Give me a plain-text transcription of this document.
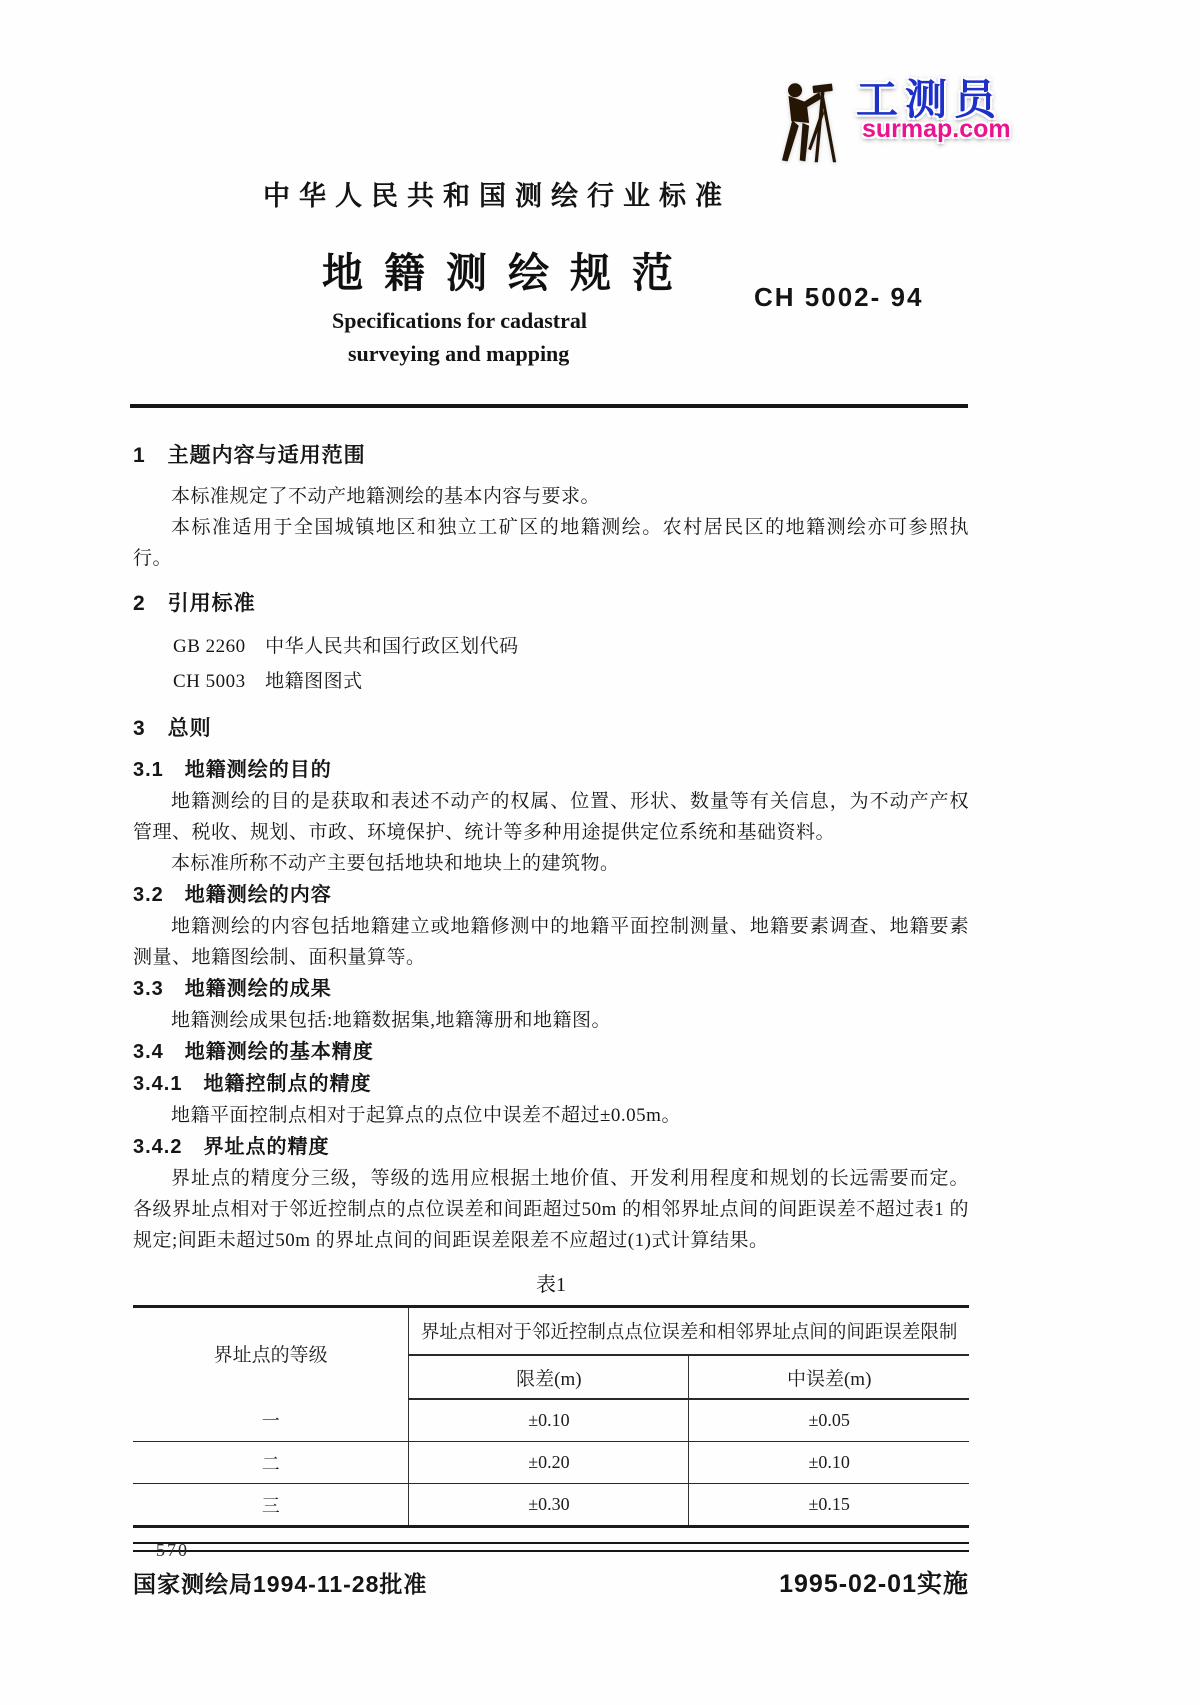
工测员
surmap.com
中华人民共和国测绘行业标准
地籍测绘规范
CH 5002- 94
Specifications for cadastral
surveying and mapping
1　主题内容与适用范围
本标准规定了不动产地籍测绘的基本内容与要求。
本标准适用于全国城镇地区和独立工矿区的地籍测绘。农村居民区的地籍测绘亦可参照执行。
2　引用标准
GB 2260　中华人民共和国行政区划代码
CH 5003　地籍图图式
3　总则
3.1　地籍测绘的目的
地籍测绘的目的是获取和表述不动产的权属、位置、形状、数量等有关信息，为不动产产权管理、税收、规划、市政、环境保护、统计等多种用途提供定位系统和基础资料。
本标准所称不动产主要包括地块和地块上的建筑物。
3.2　地籍测绘的内容
地籍测绘的内容包括地籍建立或地籍修测中的地籍平面控制测量、地籍要素调查、地籍要素测量、地籍图绘制、面积量算等。
3.3　地籍测绘的成果
地籍测绘成果包括:地籍数据集,地籍簿册和地籍图。
3.4　地籍测绘的基本精度
3.4.1　地籍控制点的精度
地籍平面控制点相对于起算点的点位中误差不超过±0.05m。
3.4.2　界址点的精度
界址点的精度分三级，等级的选用应根据土地价值、开发利用程度和规划的长远需要而定。各级界址点相对于邻近控制点的点位误差和间距超过50m 的相邻界址点间的间距误差不超过表1 的规定;间距未超过50m 的界址点间的间距误差限差不应超过(1)式计算结果。
表1
界址点的等级	界址点相对于邻近控制点点位误差和相邻界址点间的间距误差限制	
	限差(m)	中误差(m)
一	±0.10	±0.05
二	±0.20	±0.10
三	±0.30	±0.15
国家测绘局1994-11-28批准	1995-02-01实施
570
